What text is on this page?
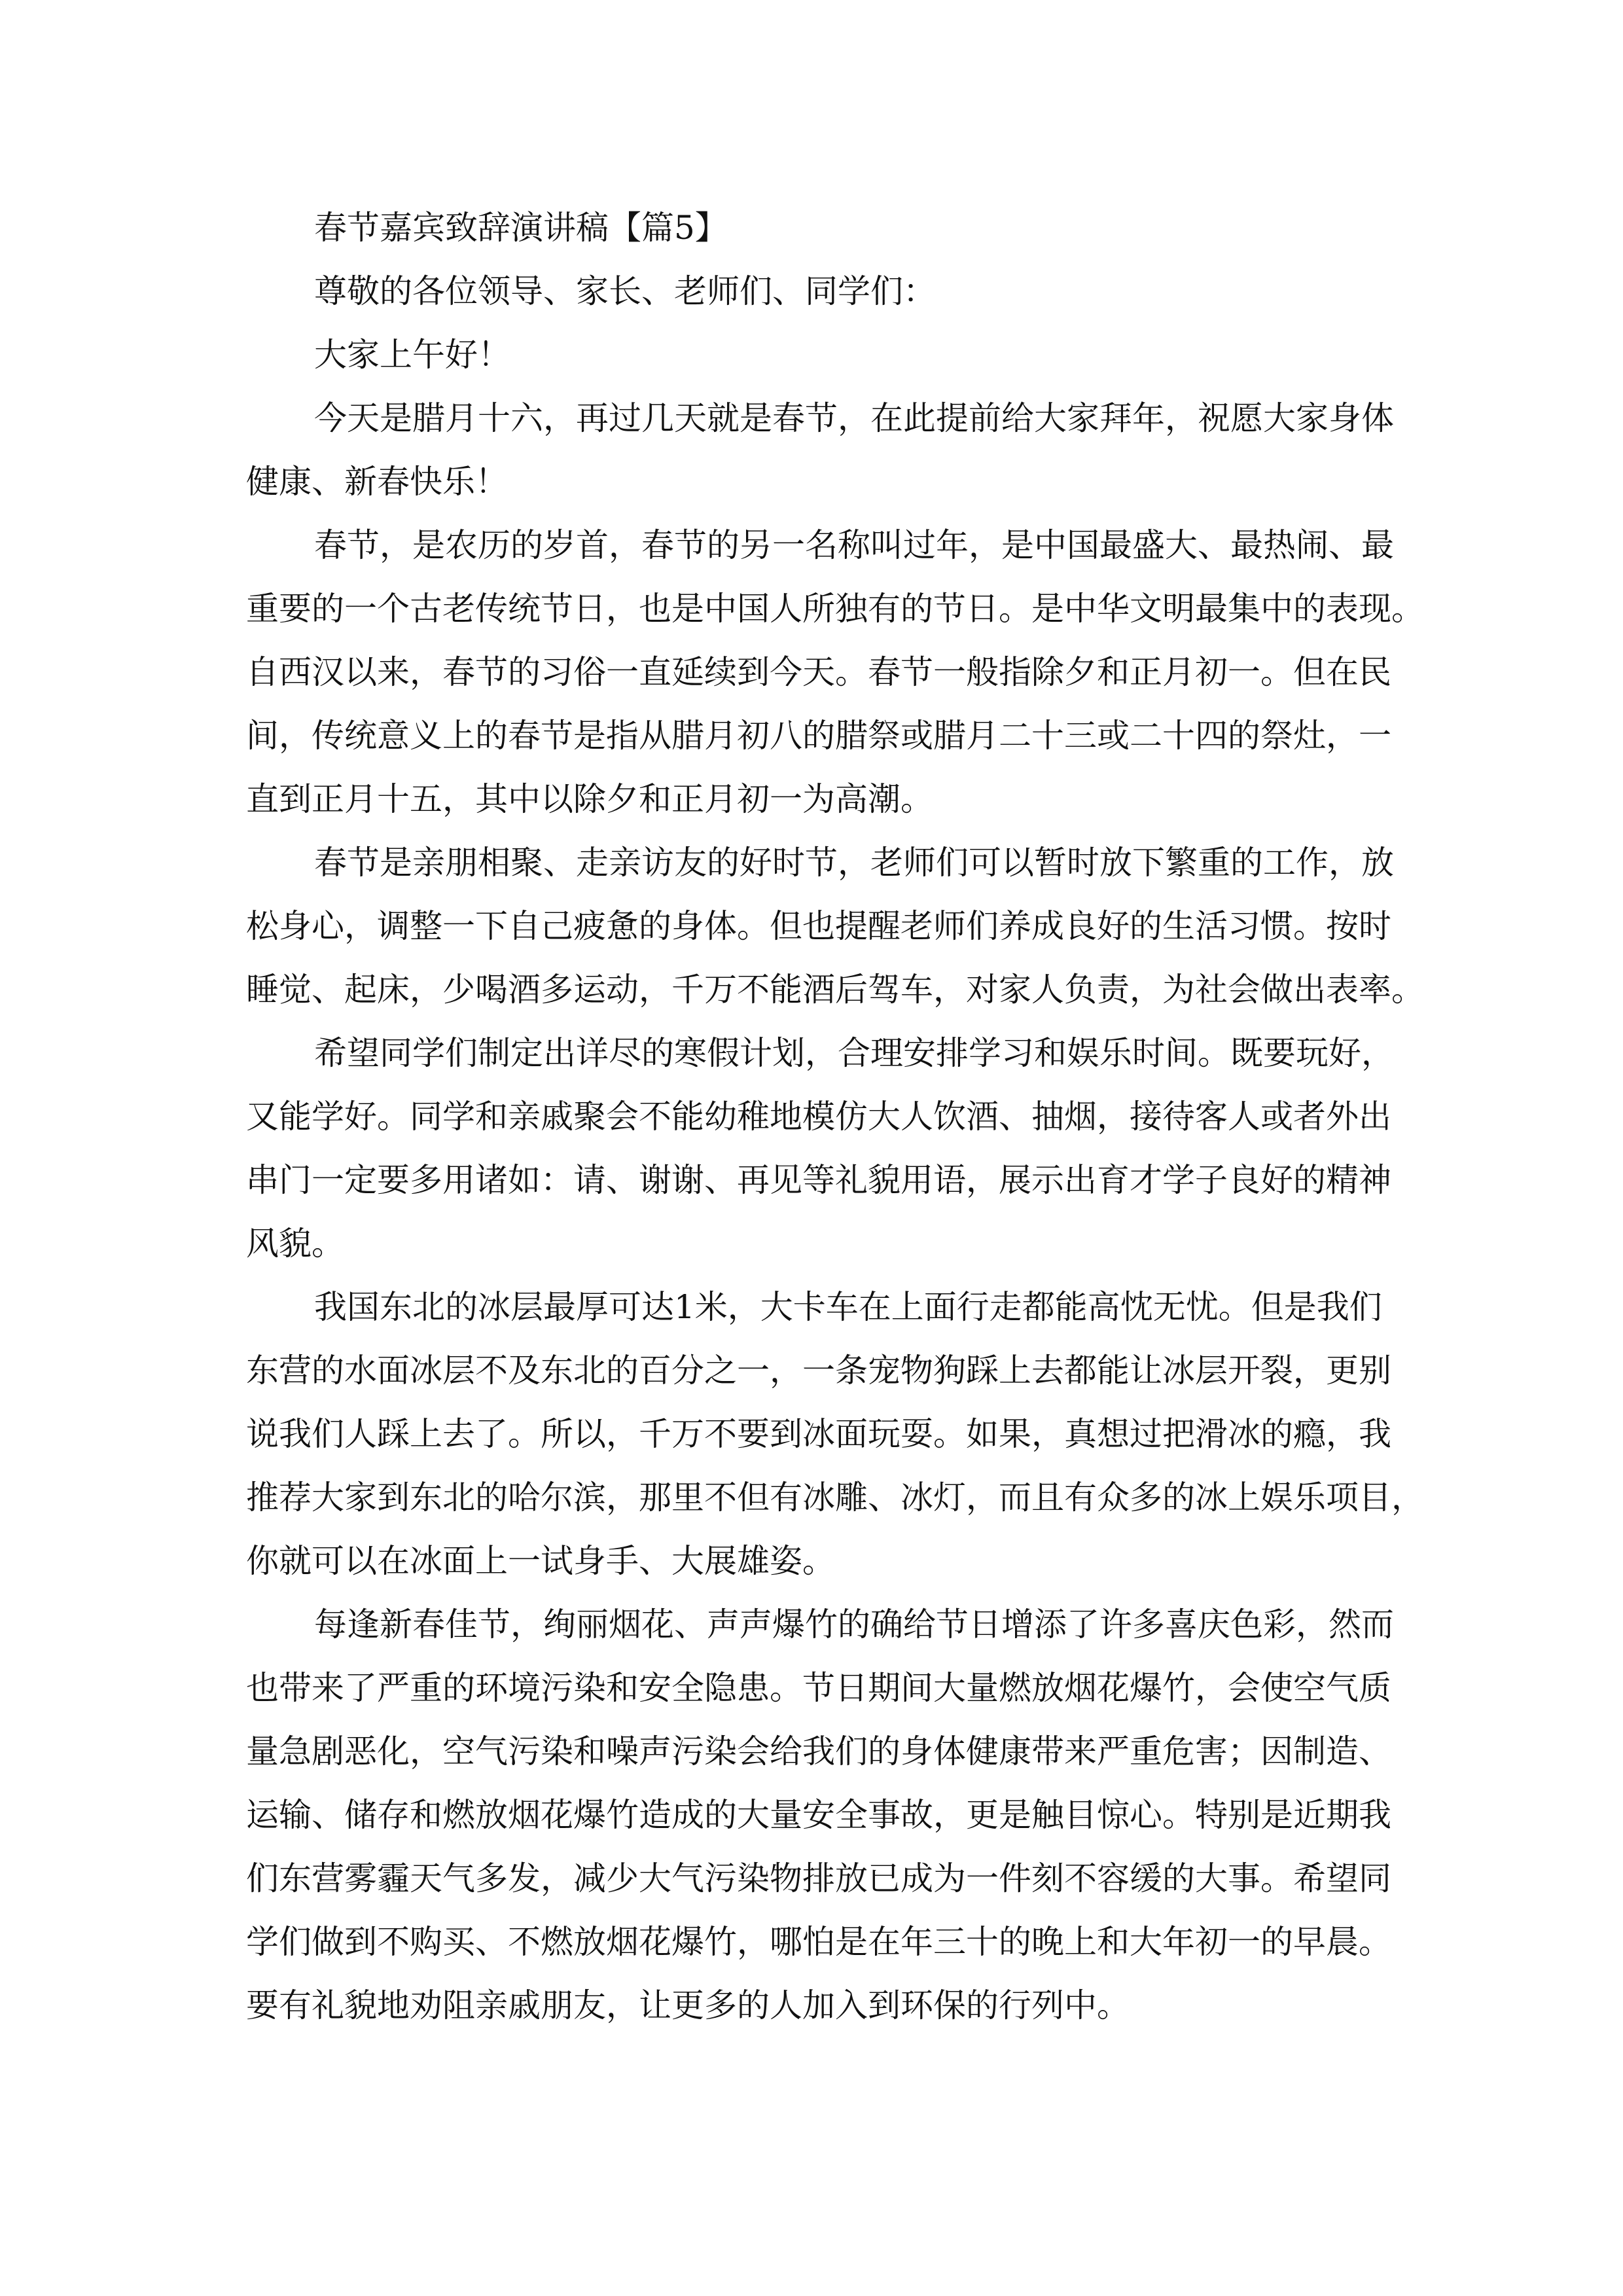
春节嘉宾致辞演讲稿【篇5】

尊敬的各位领导、家长、老师们、同学们：

大家上午好！

今天是腊月十六，再过几天就是春节，在此提前给大家拜年，祝愿大家身体

健康、新春快乐！

春节，是农历的岁首，春节的另一名称叫过年，是中国最盛大、最热闹、最

重要的一个古老传统节日，也是中国人所独有的节日。是中华文明最集中的表现。

自西汉以来，春节的习俗一直延续到今天。春节一般指除夕和正月初一。但在民

间，传统意义上的春节是指从腊月初八的腊祭或腊月二十三或二十四的祭灶，一

直到正月十五，其中以除夕和正月初一为高潮。

春节是亲朋相聚、走亲访友的好时节，老师们可以暂时放下繁重的工作，放

松身心，调整一下自己疲惫的身体。但也提醒老师们养成良好的生活习惯。按时

睡觉、起床，少喝酒多运动，千万不能酒后驾车，对家人负责，为社会做出表率。

希望同学们制定出详尽的寒假计划，合理安排学习和娱乐时间。既要玩好，

又能学好。同学和亲戚聚会不能幼稚地模仿大人饮酒、抽烟，接待客人或者外出

串门一定要多用诸如：请、谢谢、再见等礼貌用语，展示出育才学子良好的精神

风貌。

我国东北的冰层最厚可达1米，大卡车在上面行走都能高忱无忧。但是我们

东营的水面冰层不及东北的百分之一，一条宠物狗踩上去都能让冰层开裂，更别

说我们人踩上去了。所以，千万不要到冰面玩耍。如果，真想过把滑冰的瘾，我

推荐大家到东北的哈尔滨，那里不但有冰雕、冰灯，而且有众多的冰上娱乐项目，

你就可以在冰面上一试身手、大展雄姿。

每逢新春佳节，绚丽烟花、声声爆竹的确给节日增添了许多喜庆色彩，然而

也带来了严重的环境污染和安全隐患。节日期间大量燃放烟花爆竹，会使空气质

量急剧恶化，空气污染和噪声污染会给我们的身体健康带来严重危害；因制造、

运输、储存和燃放烟花爆竹造成的大量安全事故，更是触目惊心。特别是近期我

们东营雾霾天气多发，减少大气污染物排放已成为一件刻不容缓的大事。希望同

学们做到不购买、不燃放烟花爆竹，哪怕是在年三十的晚上和大年初一的早晨。

要有礼貌地劝阻亲戚朋友，让更多的人加入到环保的行列中。
